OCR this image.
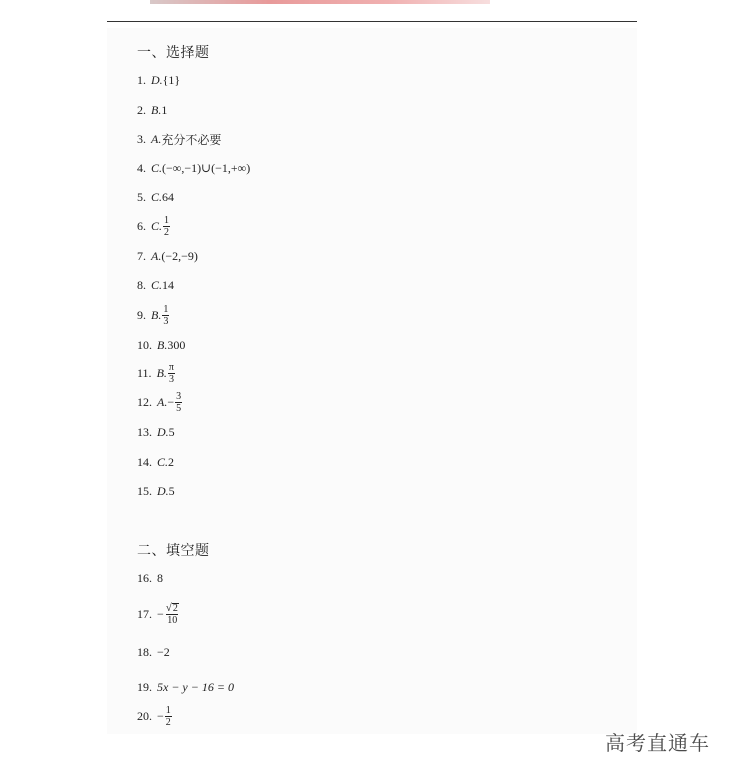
一、选择题
1. D. {1}
2. B. 1
3. A. 充分不必要
4. C. (−∞,−1)∪(−1,+∞)
5. C. 64
6. C. $\frac{1}{2}$
7. A. (−2,−9)
8. C. 14
9. B. $\frac{1}{3}$
10. B. 300
11. B. $\frac{\pi}{3}$
12. A. − $\frac{3}{5}$
13. D. 5
14. C. 2
15. D. 5
二、填空题
16. 8
17. − $\frac{√ 2}{10}$
18. −2
19. 5x − y − 16 = 0
20. − $\frac{1}{2}$
高考直通车
